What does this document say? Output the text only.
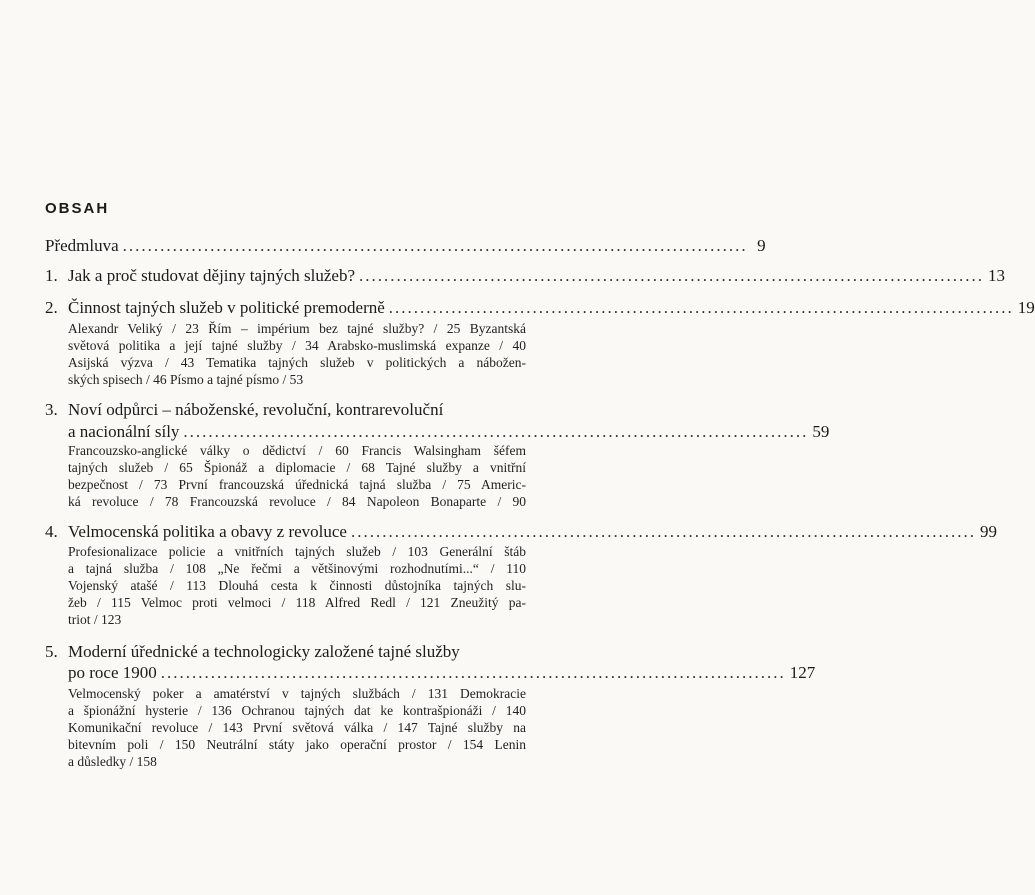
OBSAH
Předmluva .................................................................................................... 9
1. Jak a proč studovat dějiny tajných služeb? .................................................................................................... 13
2. Činnost tajných služeb v politické premoderně .................................................................................................... 19
Alexandr Veliký / 23 Řím – impérium bez tajné služby? / 25 Byzantská
světová politika a její tajné služby / 34 Arabsko-muslimská expanze / 40
Asijská výzva / 43 Tematika tajných služeb v politických a nábožen-
ských spisech / 46 Písmo a tajné písmo / 53
3. Noví odpůrci – náboženské, revoluční, kontrarevoluční
a nacionální síly .................................................................................................... 59
Francouzsko-anglické války o dědictví / 60 Francis Walsingham šéfem
tajných služeb / 65 Špionáž a diplomacie / 68 Tajné služby a vnitřní
bezpečnost / 73 První francouzská úřednická tajná služba / 75 Americ-
ká revoluce / 78 Francouzská revoluce / 84 Napoleon Bonaparte / 90
4. Velmocenská politika a obavy z revoluce .................................................................................................... 99
Profesionalizace policie a vnitřních tajných služeb / 103 Generální štáb
a tajná služba / 108 „Ne řečmi a většinovými rozhodnutími...“ / 110
Vojenský atašé / 113 Dlouhá cesta k činnosti důstojníka tajných slu-
žeb / 115 Velmoc proti velmoci / 118 Alfred Redl / 121 Zneužitý pa-
triot / 123
5. Moderní úřednické a technologicky založené tajné služby
po roce 1900 .................................................................................................... 127
Velmocenský poker a amatérství v tajných službách / 131 Demokracie
a špionážní hysterie / 136 Ochranou tajných dat ke kontrašpionáži / 140
Komunikační revoluce / 143 První světová válka / 147 Tajné služby na
bitevním poli / 150 Neutrální státy jako operační prostor / 154 Lenin
a důsledky / 158
